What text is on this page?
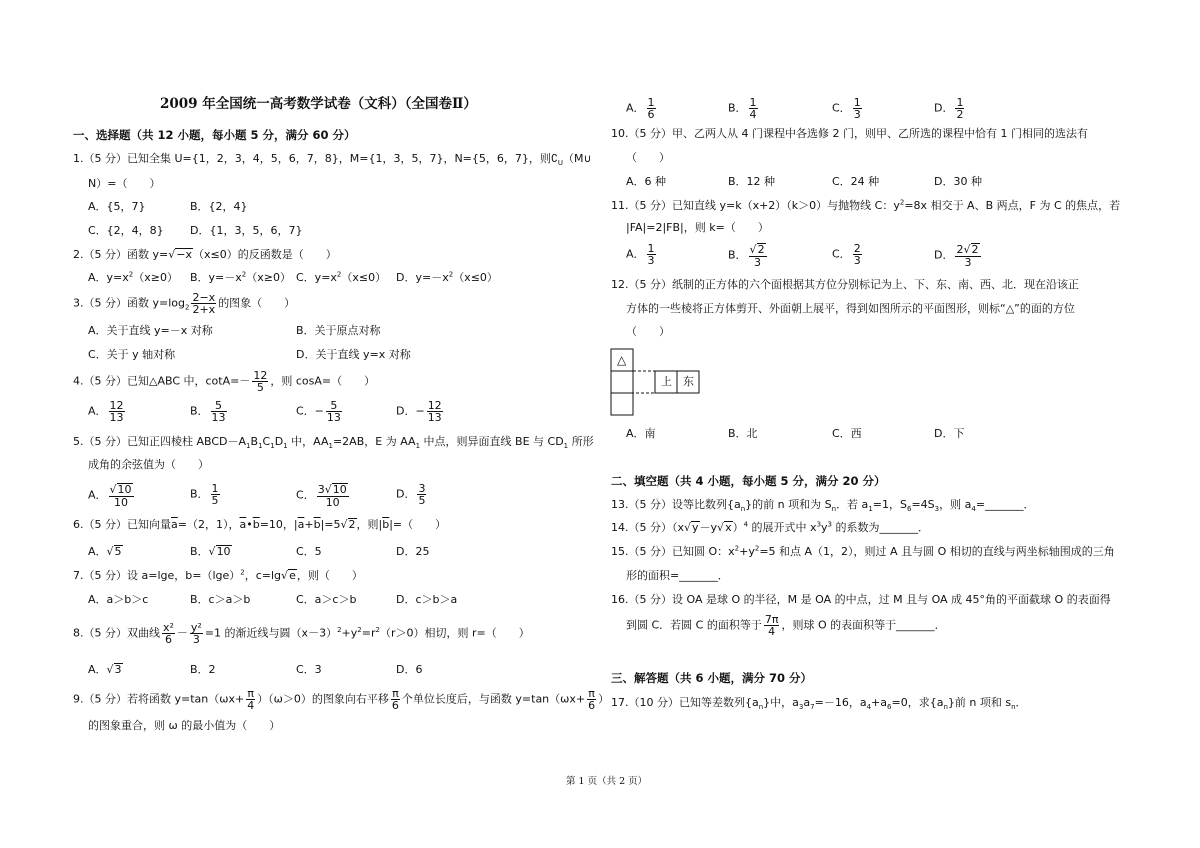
2009 年全国统一高考数学试卷（文科）（全国卷Ⅱ）
一、选择题（共 12 小题，每小题 5 分，满分 60 分）
1.（5 分）已知全集 U={1，2，3，4，5，6，7，8}，M={1，3，5，7}，N={5，6，7}，则$∁_U(M\cup$
N）=（　　）
A．{5，7}	B．{2，4}
C．{2，4，8} D．{1，3，5，6，7}
2.（5 分）函数 y=√−x（x≤0）的反函数是（　　）
A．$y=x^2(x\ge 0)$ B．$y=-x^2(x\ge 0)$ C．$y=x^2(x\le 0)$ D．$y=-x^2(x\le 0)$
3.（5 分）函数 $y=\log_2 \frac{2-x}{2+x}$ 的图象（　　）
A．关于直线 y=－x 对称	B．关于原点对称
C．关于 y 轴对称	D．关于直线 y=x 对称
4.（5 分）已知△ABC 中，$\cot A=- \frac{12}{5}$ ，则 cosA=（　　）
A． $\frac{12}{13}$	B． $\frac{5}{13}$	C．− $\frac{5}{13}$	D．− $\frac{12}{13}$
5.（5 分）已知正四棱柱 $ABCD-A_1B_1C_1D_1$ 中，$AA_1=2AB$，E 为 $AA_1$ 中点，则异面直线 BE 与 $CD_1$ 所形
成角的余弦值为（　　）
A． $\frac{√10}{10}$	B． $\frac{1}{5}$	C． $\frac{3√10}{10}$	D． $\frac{3}{5}$
6.（5 分）已知向量$\overline{a}=(2$，1），$\overline{a}•\overline{b}=10$，$|\overline{a}+\overline{b}|=5√2$，则$|\overline{b}|=$（　　）
A．√5	B．√10	C．5	D．25
7.（5 分）设 a=lge，$b=(\lg e)^2$，c=lg√e，则（　　）
A．a＞b＞c	B．c＞a＞b	C．a＞c＞b	D．c＞b＞a
8.（5 分）双曲线 $\frac{\text{x²}}{6} - \frac{\text{y²}}{3} =1$ 的渐近线与圆$(x-3)^2+y^2=r^2(r>0)$相切，则 r=（　　）
A．√3	B．2	C．3	D．6
9.（5 分）若将函数 $y=\tan(\omega x+ \frac{\pi}{4} )(\omega>0)$的图象向右平移 $\frac{\pi}{6}$ 个单位长度后，与函数 $y=\tan(\omega x+ \frac{\pi}{6}$ ）
的图象重合，则 ω 的最小值为（　　）
A． $\frac{1}{6}$	B． $\frac{1}{4}$	C． $\frac{1}{3}$	D． $\frac{1}{2}$
10.（5 分）甲、乙两人从 4 门课程中各选修 2 门，则甲、乙所选的课程中恰有 1 门相同的选法有
（　　）
A．6 种	B．12 种	C．24 种	D．30 种
11.（5 分）已知直线 y=k（x+2）（k＞0）与抛物线 C：$y^2=8x$ 相交于 A、B 两点，F 为 C 的焦点，若
|FA|=2|FB|，则 k=（　　）
A． $\frac{1}{3}$	B． $\frac{√2}{3}$	C． $\frac{2}{3}$	D． $\frac{2√2}{3}$
12.（5 分）纸制的正方体的六个面根据其方位分别标记为上、下、东、南、西、北．现在沿该正
方体的一些棱将正方体剪开、外面朝上展平，得到如图所示的平面图形，则标“△”的面的方位
（　　）
△
上 东
A．南	B．北	C．西	D．下
二、填空题（共 4 小题，每小题 5 分，满分 20 分）
13.（5 分）设等比数列$\{a_n\}$的前 n 项和为 $S_n$．若 $a_1=1$，$S_6=4S_3$，则 $a_4=\_\_\_\_\_\_\_$．
14.（5 分）$(x√y-y√x)^4$ 的展开式中 $x^3y^3$ 的系数为_______．
15.（5 分）已知圆 O：$x^2+y^2=5$ 和点 A（1，2），则过 A 且与圆 O 相切的直线与两坐标轴围成的三角
形的面积=_______．
16.（5 分）设 OA 是球 O 的半径，M 是 OA 的中点，过 M 且与 OA 成 45°角的平面截球 O 的表面得
到圆 C．若圆 C 的面积等于 $\frac{7\pi}{4}$ ，则球 O 的表面积等于_______．
三、解答题（共 6 小题，满分 70 分）
17.（10 分）已知等差数列$\{a_n\}$中，$a_3a_7=-16$，$a_4+a_6=0$，求$\{a_n\}$前 n 项和 $s_n$．
第 1 页（共 2 页）
